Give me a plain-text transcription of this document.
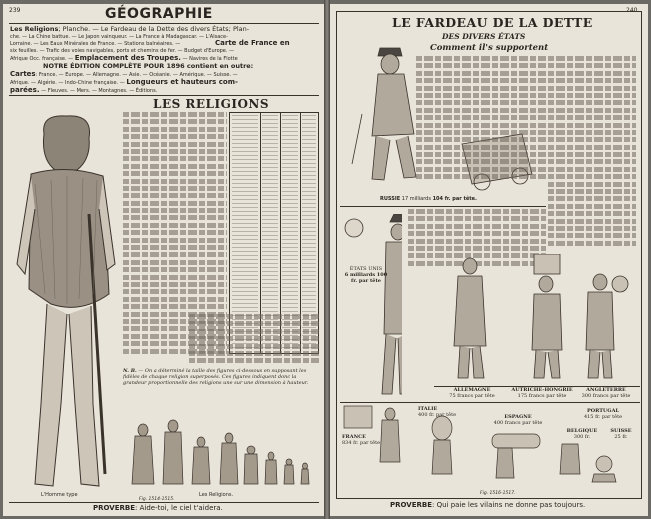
239	GÉOGRAPHIE
Les Religions; Planche. — Le Fardeau de la Dette des divers États; Plan-
che. — La Chine battue. — Le Japon vainqueur. — La France à Madagascar. — L'Alsace-
Lorraine. — Les Eaux Minérales de France. — Stations balnéaires. —	Carte de France en
six feuilles. — Trafic des voies navigables, ports et chemins de fer. — Budget d'Europe. —
Afrique Occ. française. — Emplacement des Troupes. — Navires de la Flotte
NOTRE ÉDITION COMPLÈTE POUR 1896 contient en outre:
Cartes: France. — Europe. — Allemagne. — Asie. — Océanie. — Amérique. — Suisse. —
Afrique. — Algérie. — Indo-Chine française. — Longueurs et hauteurs com-
parées. — Fleuves. — Mers. — Montagnes. — Éditions.
LES RELIGIONS
N. B. — On a déterminé la taille des figures ci-dessous en supposant les fidèles de chaque religion superposés. Ces figures indiquent donc la grandeur proportionnelle des religions une sur une dimension à hauteur.
L'Homme type	Les Religions.
Fig. 1514-1515.
PROVERBE: Aide-toi, le ciel t'aidera.
240
LE FARDEAU DE LA DETTE
DES DIVERS ÉTATS
Comment il's supportent
RUSSIE 17 milliards 104 fr. par tête.
ÉTATS UNIS
6 milliards 100 fr. par tête
ALLEMAGNE
75 francs par tête
AUTRICHE-HONGRIE
175 francs par tête
ANGLETERRE
300 francs par tête
FRANCE
834 fr. par tête
ITALIE
400 fr. par tête	ESPAGNE
400 francs par tête
PORTUGAL
415 fr. par tête
BELGIQUE
300 fr.
SUISSE
25 fr.
Fig. 1516-1517.
PROVERBE: Qui paie les vilains ne donne pas toujours.
